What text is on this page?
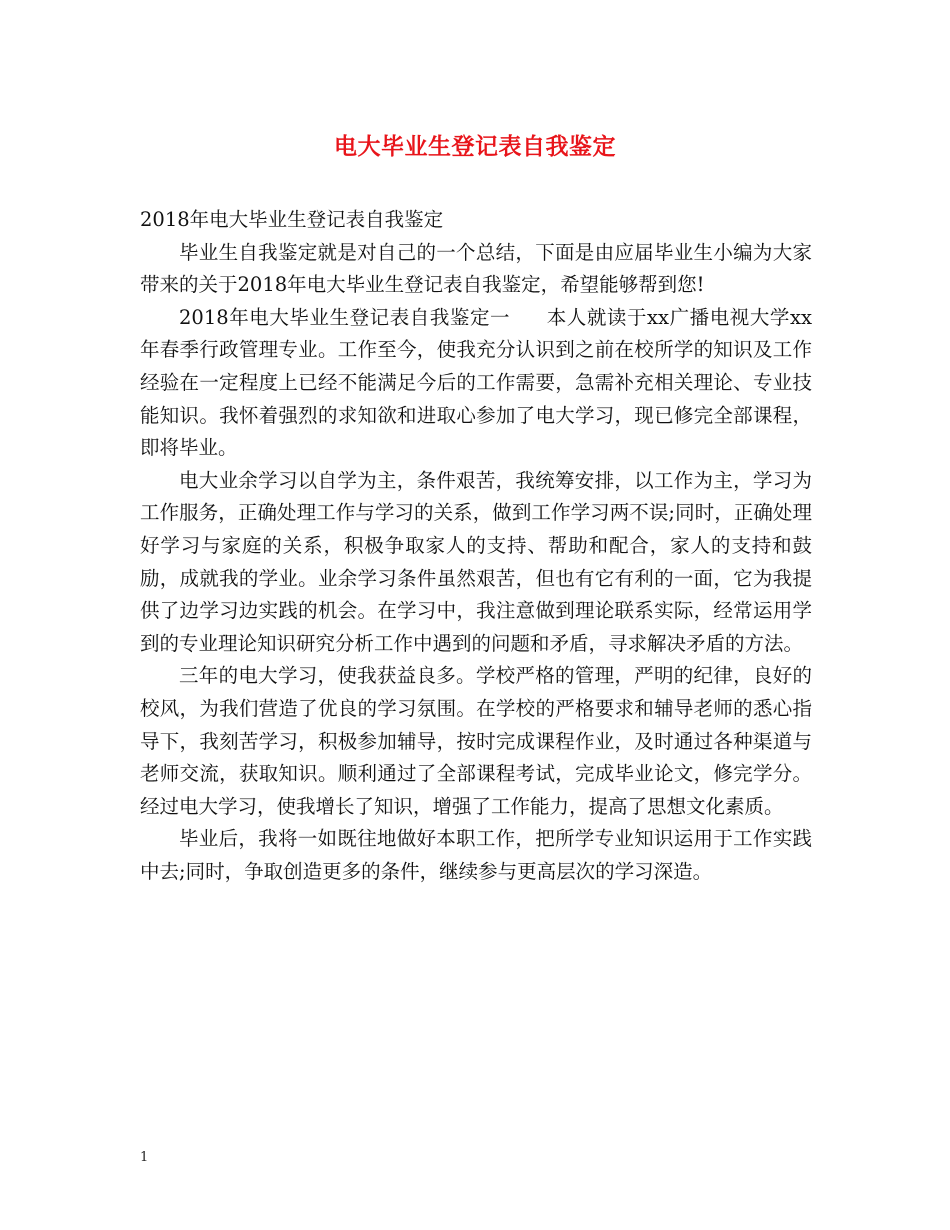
电大毕业生登记表自我鉴定

2018年电大毕业生登记表自我鉴定

毕业生自我鉴定就是对自己的一个总结，下面是由应届毕业生小编为大家带来的关于2018年电大毕业生登记表自我鉴定，希望能够帮到您!

2018年电大毕业生登记表自我鉴定一 本人就读于xx广播电视大学xx年春季行政管理专业。工作至今，使我充分认识到之前在校所学的知识及工作经验在一定程度上已经不能满足今后的工作需要，急需补充相关理论、专业技能知识。我怀着强烈的求知欲和进取心参加了电大学习，现已修完全部课程，即将毕业。

电大业余学习以自学为主，条件艰苦，我统筹安排，以工作为主，学习为工作服务，正确处理工作与学习的关系，做到工作学习两不误;同时，正确处理好学习与家庭的关系，积极争取家人的支持、帮助和配合，家人的支持和鼓励，成就我的学业。业余学习条件虽然艰苦，但也有它有利的一面，它为我提供了边学习边实践的机会。在学习中，我注意做到理论联系实际，经常运用学到的专业理论知识研究分析工作中遇到的问题和矛盾，寻求解决矛盾的方法。

三年的电大学习，使我获益良多。学校严格的管理，严明的纪律，良好的校风，为我们营造了优良的学习氛围。在学校的严格要求和辅导老师的悉心指导下，我刻苦学习，积极参加辅导，按时完成课程作业，及时通过各种渠道与老师交流，获取知识。顺利通过了全部课程考试，完成毕业论文，修完学分。经过电大学习，使我增长了知识，增强了工作能力，提高了思想文化素质。

毕业后，我将一如既往地做好本职工作，把所学专业知识运用于工作实践中去;同时，争取创造更多的条件，继续参与更高层次的学习深造。

1
